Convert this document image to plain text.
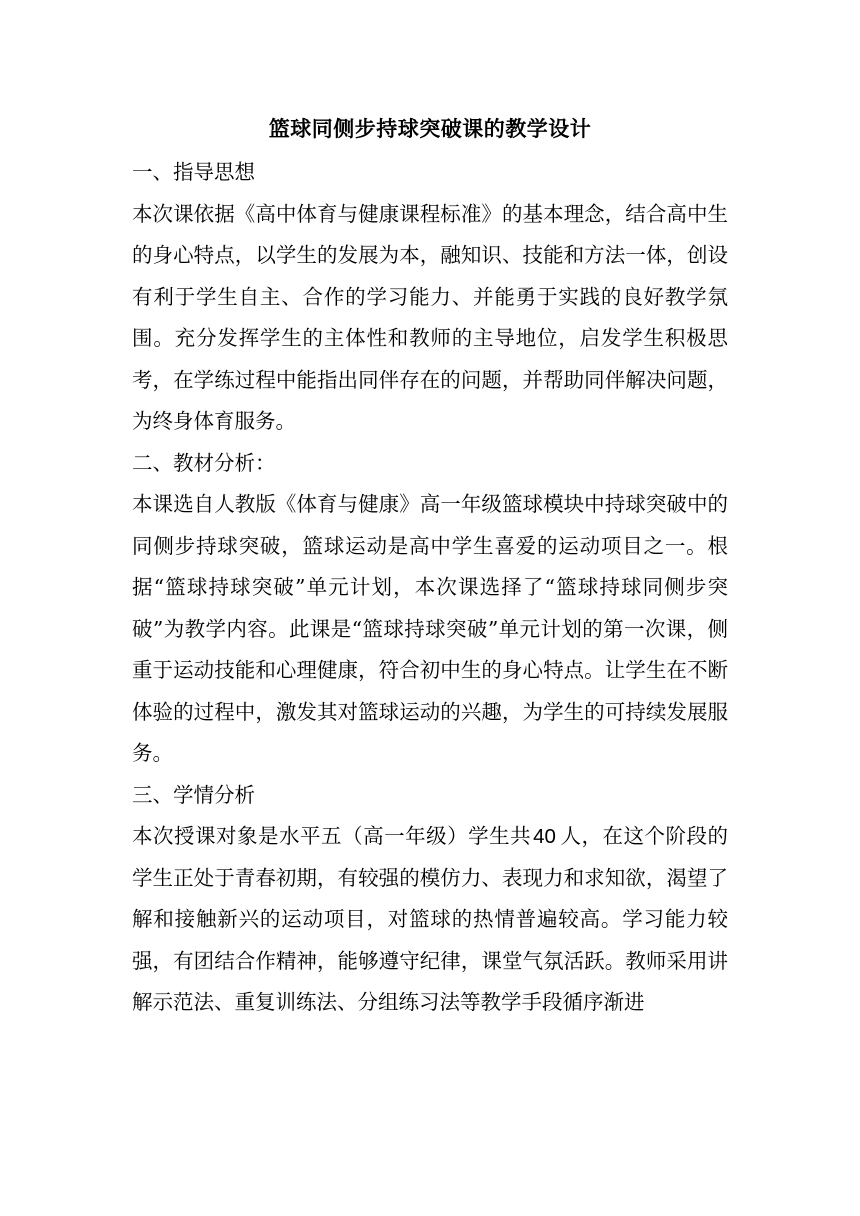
篮球同侧步持球突破课的教学设计
一、指导思想
本次课依据《高中体育与健康课程标准》的基本理念，结合高中生的身心特点，以学生的发展为本，融知识、技能和方法一体，创设有利于学生自主、合作的学习能力、并能勇于实践的良好教学氛围。充分发挥学生的主体性和教师的主导地位，启发学生积极思考，在学练过程中能指出同伴存在的问题，并帮助同伴解决问题，为终身体育服务。
二、教材分析：
本课选自人教版《体育与健康》高一年级篮球模块中持球突破中的同侧步持球突破，篮球运动是高中学生喜爱的运动项目之一。根据“篮球持球突破”单元计划，本次课选择了“篮球持球同侧步突破”为教学内容。此课是“篮球持球突破”单元计划的第一次课，侧重于运动技能和心理健康，符合初中生的身心特点。让学生在不断体验的过程中，激发其对篮球运动的兴趣，为学生的可持续发展服务。
三、学情分析
本次授课对象是水平五（高一年级）学生共40 人，在这个阶段的学生正处于青春初期，有较强的模仿力、表现力和求知欲，渴望了解和接触新兴的运动项目，对篮球的热情普遍较高。学习能力较强，有团结合作精神，能够遵守纪律，课堂气氛活跃。教师采用讲解示范法、重复训练法、分组练习法等教学手段循序渐进
